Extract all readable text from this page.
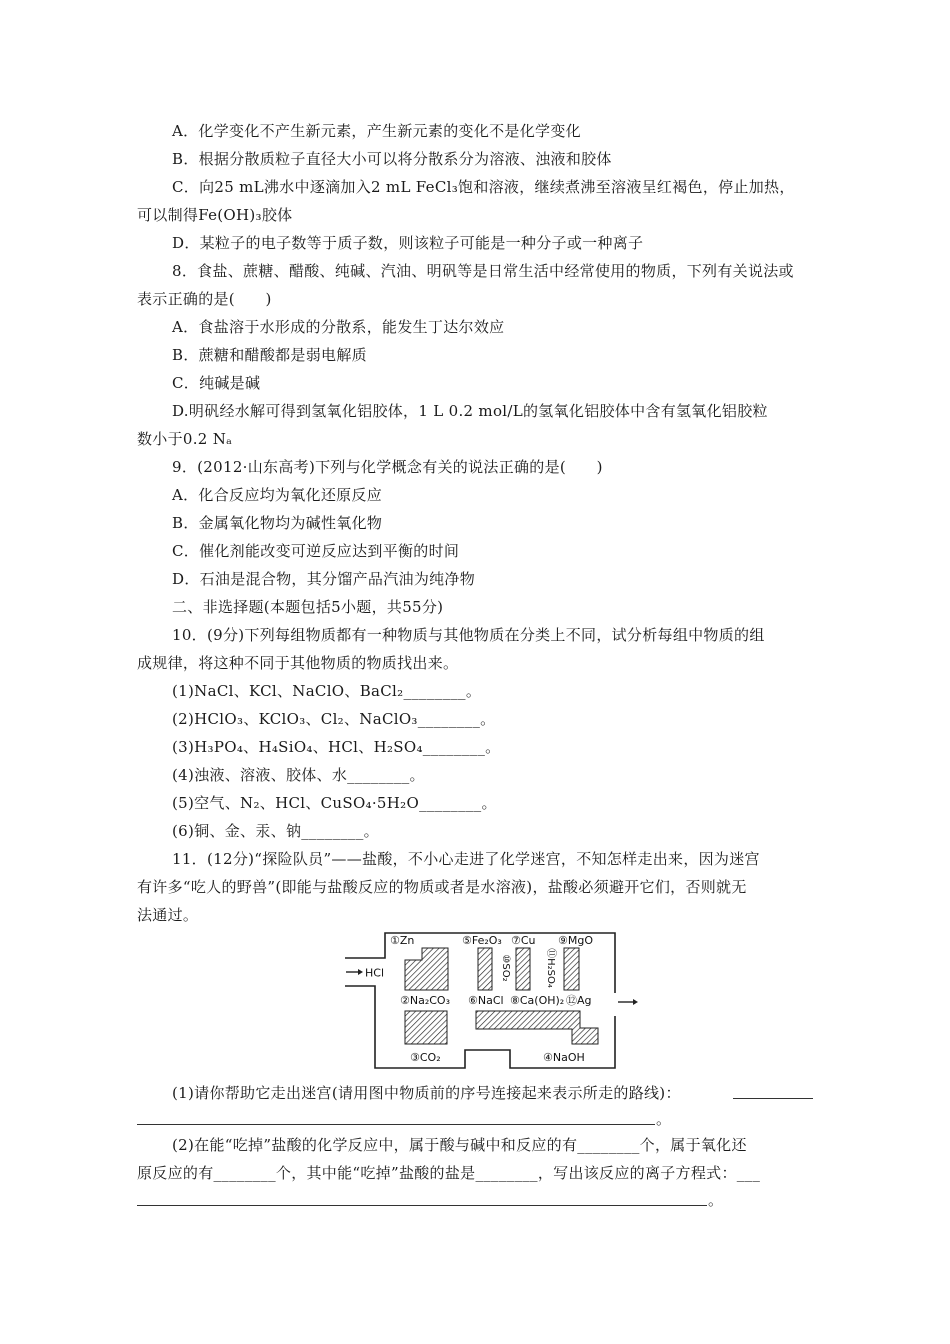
A．化学变化不产生新元素，产生新元素的变化不是化学变化
B．根据分散质粒子直径大小可以将分散系分为溶液、浊液和胶体
C．向25 mL沸水中逐滴加入2 mL FeCl₃饱和溶液，继续煮沸至溶液呈红褐色，停止加热，
可以制得Fe(OH)₃胶体
D．某粒子的电子数等于质子数，则该粒子可能是一种分子或一种离子
8．食盐、蔗糖、醋酸、纯碱、汽油、明矾等是日常生活中经常使用的物质，下列有关说法或
表示正确的是(　　)
A．食盐溶于水形成的分散系，能发生丁达尔效应
B．蔗糖和醋酸都是弱电解质
C．纯碱是碱
D.明矾经水解可得到氢氧化铝胶体，1 L 0.2 mol/L的氢氧化铝胶体中含有氢氧化铝胶粒
数小于0.2 Nₐ
9．(2012·山东高考)下列与化学概念有关的说法正确的是(　　)
A．化合反应均为氧化还原反应
B．金属氧化物均为碱性氧化物
C．催化剂能改变可逆反应达到平衡的时间
D．石油是混合物，其分馏产品汽油为纯净物
二、非选择题(本题包括5小题，共55分)
10．(9分)下列每组物质都有一种物质与其他物质在分类上不同，试分析每组中物质的组
成规律，将这种不同于其他物质的物质找出来。
(1)NaCl、KCl、NaClO、BaCl₂________。
(2)HClO₃、KClO₃、Cl₂、NaClO₃________。
(3)H₃PO₄、H₄SiO₄、HCl、H₂SO₄________。
(4)浊液、溶液、胶体、水________。
(5)空气、N₂、HCl、CuSO₄·5H₂O________。
(6)铜、金、汞、钠________。
11．(12分)“探险队员”——盐酸，不小心走进了化学迷宫，不知怎样走出来，因为迷宫
有许多“吃人的野兽”(即能与盐酸反应的物质或者是水溶液)，盐酸必须避开它们，否则就无
法通过。
HCl
①Zn	⑤Fe₂O₃ ⑦Cu ⑨MgO
⑩SO₂	⑪H₂SO₄
②Na₂CO₃ ⑥NaCl ⑧Ca(OH)₂ ⑫Ag
③CO₂	④NaOH
(1)请你帮助它走出迷宫(请用图中物质前的序号连接起来表示所走的路线)：
。
(2)在能“吃掉”盐酸的化学反应中，属于酸与碱中和反应的有________个，属于氧化还
原反应的有________个，其中能“吃掉”盐酸的盐是________，写出该反应的离子方程式：___
。
